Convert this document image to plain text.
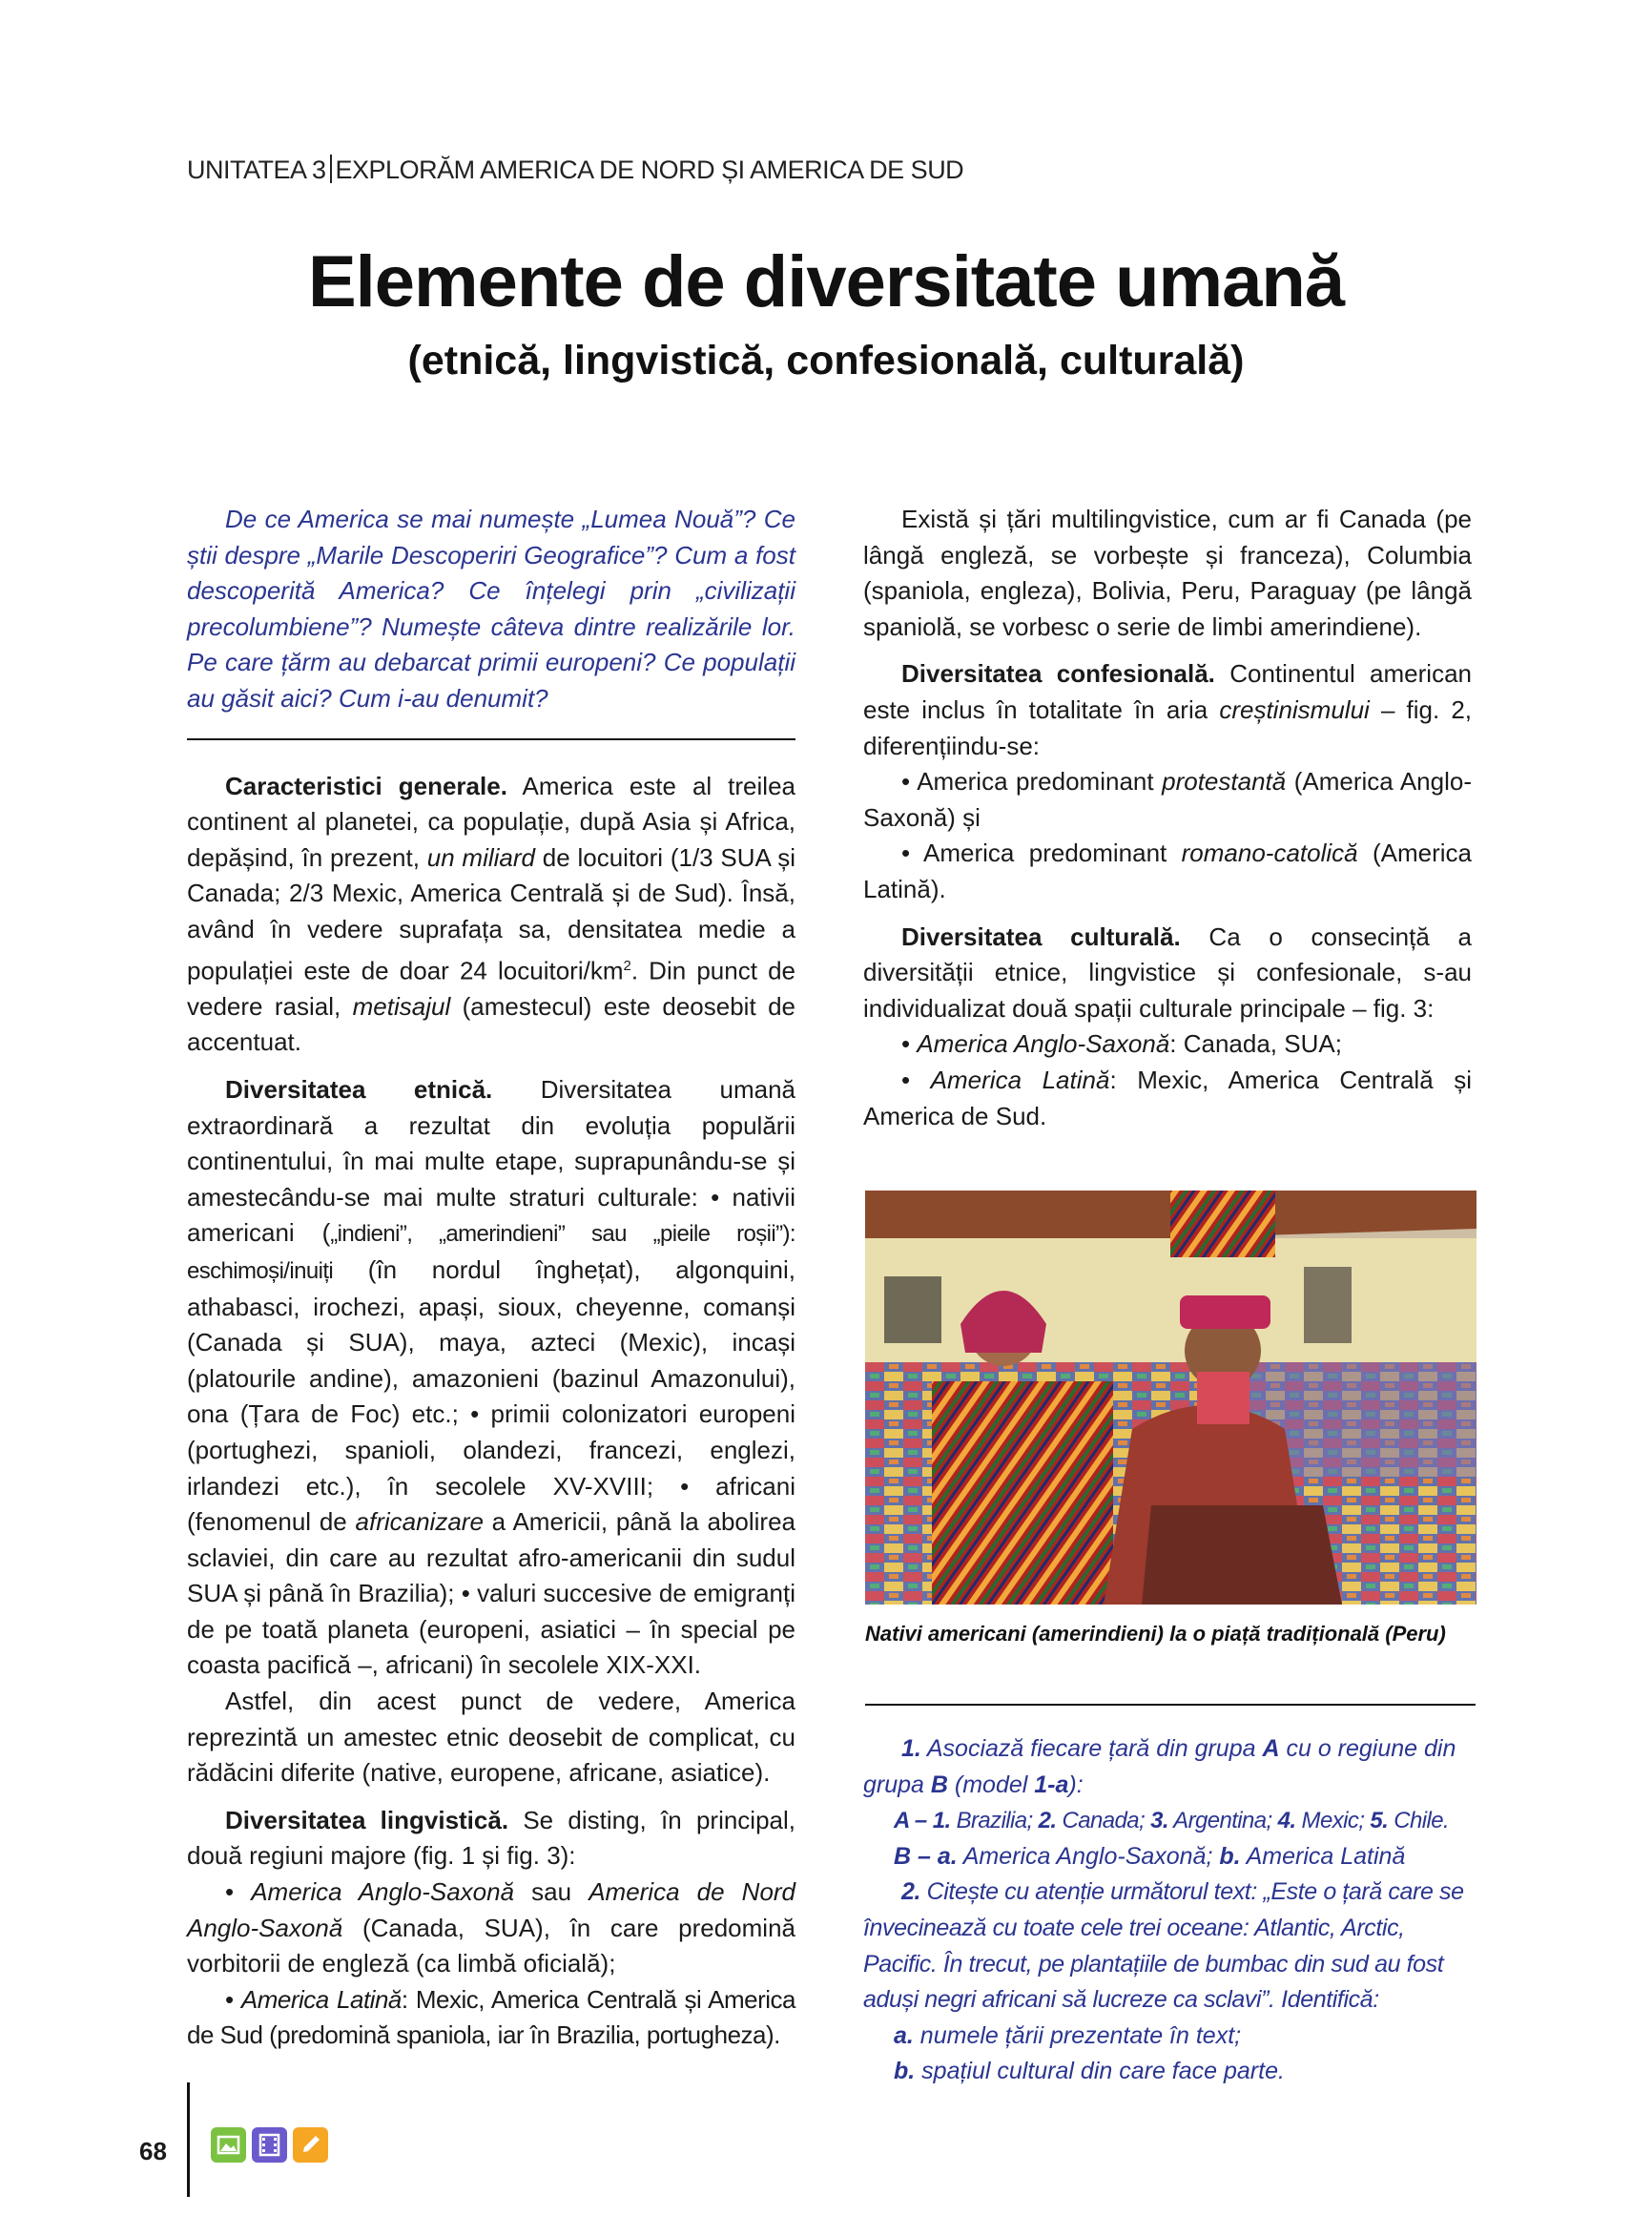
UNITATEA 3 EXPLORĂM AMERICA DE NORD ȘI AMERICA DE SUD
Elemente de diversitate umană
(etnică, lingvistică, confesională, culturală)

De ce America se mai numește „Lumea Nouă”? Ce știi despre „Marile Descoperiri Geografice”? Cum a fost descoperită America? Ce înțelegi prin „civilizații precolumbiene”? Numește câteva dintre realizările lor. Pe care țărm au debarcat primii europeni? Ce populații au găsit aici? Cum i-au denumit?

Caracteristici generale. America este al treilea continent al planetei, ca populație, după Asia și Africa, depășind, în prezent, un miliard de locuitori (1/3 SUA și Canada; 2/3 Mexic, America Centrală și de Sud). Însă, având în vedere suprafața sa, densitatea medie a populației este de doar 24 locuitori/$km^2$. Din punct de vedere rasial, metisajul (amestecul) este deosebit de accentuat.

Diversitatea etnică. Diversitatea umană extraordinară a rezultat din evoluția populării continentului, în mai multe etape, suprapunându-se și amestecându-se mai multe straturi culturale: • nativii americani („indieni”, „amerindieni” sau „pieile roșii”): eschimoși/inuiți (în nordul înghețat), algonquini, athabasci, irochezi, apași, sioux, cheyenne, comanși (Canada și SUA), maya, azteci (Mexic), incași (platourile andine), amazonieni (bazinul Amazonului), ona (Țara de Foc) etc.; • primii colonizatori europeni (portughezi, spanioli, olandezi, francezi, englezi, irlandezi etc.), în secolele XV-XVIII; • africani (fenomenul de africanizare a Americii, până la abolirea sclaviei, din care au rezultat afro-americanii din sudul SUA și până în Brazilia); • valuri succesive de emigranți de pe toată planeta (europeni, asiatici – în special pe coasta pacifică –, africani) în secolele XIX-XXI.

Astfel, din acest punct de vedere, America reprezintă un amestec etnic deosebit de complicat, cu rădăcini diferite (native, europene, africane, asiatice).

Diversitatea lingvistică. Se disting, în principal, două regiuni majore (fig. 1 și fig. 3):

• America Anglo-Saxonă sau America de Nord Anglo-Saxonă (Canada, SUA), în care predomină vorbitorii de engleză (ca limbă oficială);

• America Latină: Mexic, America Centrală și America de Sud (predomină spaniola, iar în Brazilia, portugheza).

Există și țări multilingvistice, cum ar fi Canada (pe lângă engleză, se vorbește și franceza), Columbia (spaniola, engleza), Bolivia, Peru, Paraguay (pe lângă spaniolă, se vorbesc o serie de limbi amerindiene).

Diversitatea confesională. Continentul american este inclus în totalitate în aria creștinismului – fig. 2, diferențiindu-se:

• America predominant protestantă (America Anglo-Saxonă) și

• America predominant romano-catolică (America Latină).

Diversitatea culturală. Ca o consecință a diversității etnice, lingvistice și confesionale, s-au individualizat două spații culturale principale – fig. 3:

• America Anglo-Saxonă: Canada, SUA;

• America Latină: Mexic, America Centrală și America de Sud.

Nativi americani (amerindieni) la o piață tradițională (Peru)

1. Asociază fiecare țară din grupa A cu o regiune din grupa B (model 1-a):

A – 1. Brazilia; 2. Canada; 3. Argentina; 4. Mexic; 5. Chile.

B – a. America Anglo-Saxonă; b. America Latină

2. Citește cu atenție următorul text: „Este o țară care se învecinează cu toate cele trei oceane: Atlantic, Arctic, Pacific. În trecut, pe plantațiile de bumbac din sud au fost aduși negri africani să lucreze ca sclavi”. Identifică:

a. numele țării prezentate în text;

b. spațiul cultural din care face parte.

68
